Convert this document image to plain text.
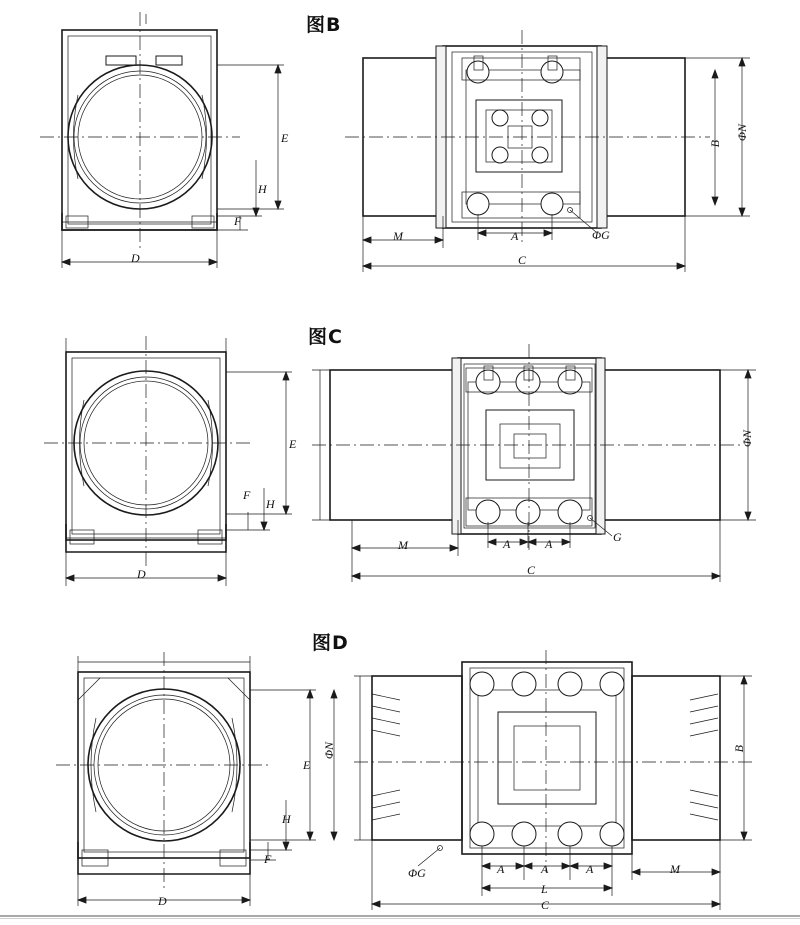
图B
D
E
H
F
M	A
C
B
ΦN
ΦG
图C
D
E
H
F
M	A	A
C
ΦN
G
图D
D
E
H
F
ΦN
A	A	A
L
M
C
B
ΦG
